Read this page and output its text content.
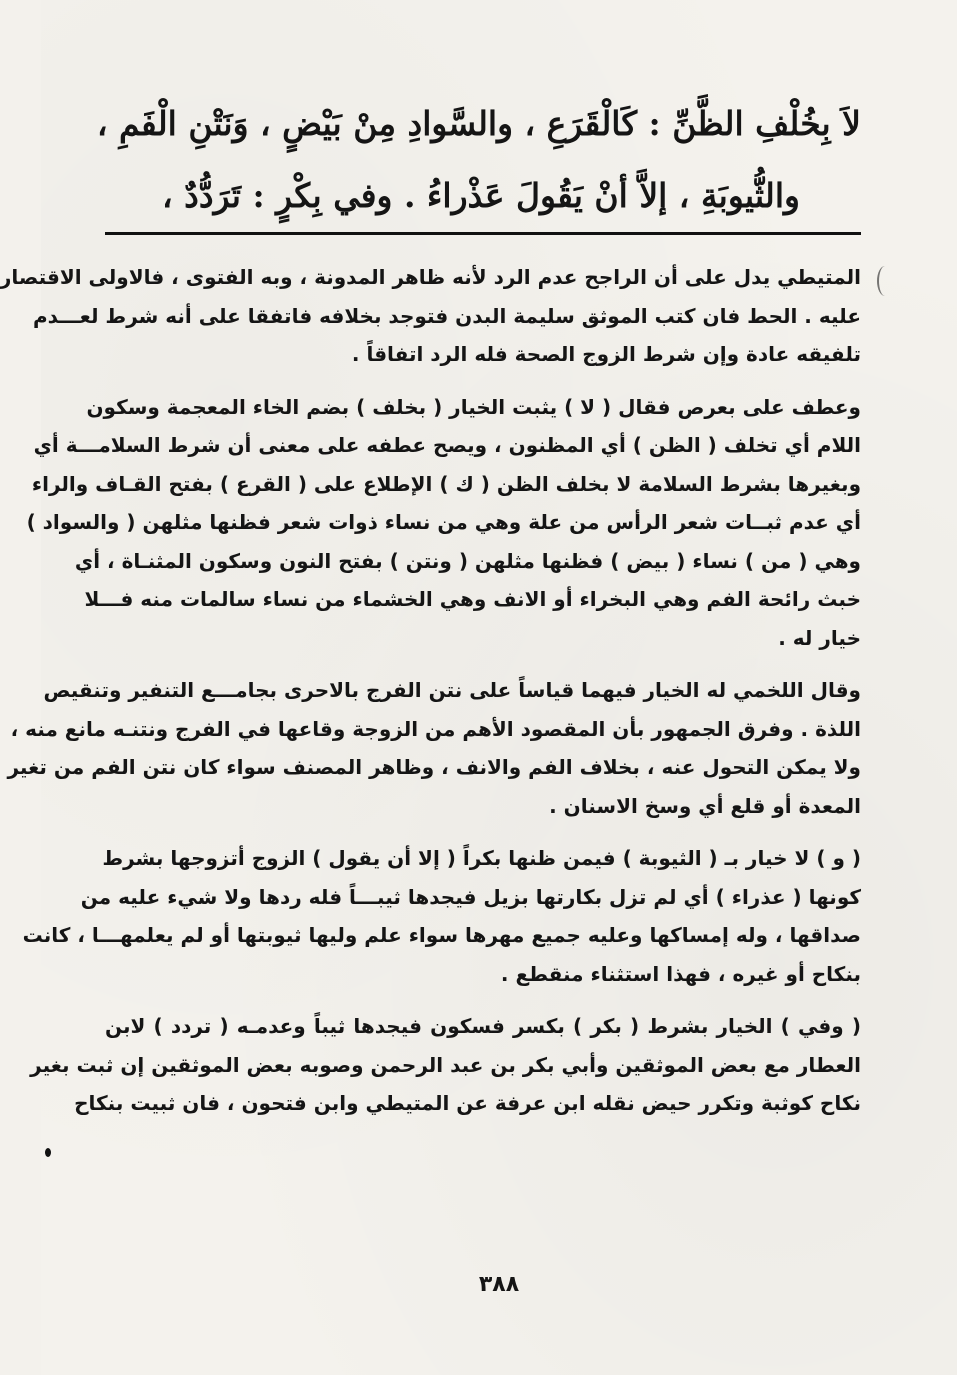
لاَ بِخُلْفِ الظَّنِّ : كَالْقَرَعِ ، والسَّوادِ مِنْ بَيْضٍ ، وَنَتْنِ الْفَمِ ،
والثُّيوبَةِ ، إلاَّ أنْ يَقُولَ عَذْراءُ . وفي بِكْرٍ : تَرَدُّدٌ ،
المتيطي يدل على أن الراجح عدم الرد لأنه ظاهر المدونة ، وبه الفتوى ، فالاولى الاقتصار
عليه . الحط فان كتب الموثق سليمة البدن فتوجد بخلافه فاتفقا على أنه شرط لعـــدم
تلفيقه عادة وإن شرط الزوج الصحة فله الرد اتفاقاً .
وعطف على بعرص فقال ( لا ) يثبت الخيار ( بخلف ) بضم الخاء المعجمة وسكون
اللام أي تخلف ( الظن ) أي المظنون ، ويصح عطفه على معنى أن شرط السلامـــة أي
وبغيرها بشرط السلامة لا بخلف الظن ( ك ) الإطلاع على ( القرع ) بفتح القـاف والراء
أي عدم ثبــات شعر الرأس من علة وهي من نساء ذوات شعر فظنها مثلهن ( والسواد )
وهي ( من ) نساء ( بيض ) فظنها مثلهن ( ونتن ) بفتح النون وسكون المثنـاة ، أي
خبث رائحة الفم وهي البخراء أو الانف وهي الخشماء من نساء سالمات منه فـــلا
خيار له .
وقال اللخمي له الخيار فيهما قياساً على نتن الفرج بالاحرى بجامـــع التنفير وتنقيص
اللذة . وفرق الجمهور بأن المقصود الأهم من الزوجة وقاعها في الفرج ونتنـه مانع منه ،
ولا يمكن التحول عنه ، بخلاف الفم والانف ، وظاهر المصنف سواء كان نتن الفم من تغير
المعدة أو قلع أي وسخ الاسنان .
( و ) لا خيار بـ ( الثيوبة ) فيمن ظنها بكراً ( إلا أن يقول ) الزوج أتزوجها بشرط
كونها ( عذراء ) أي لم تزل بكارتها بزيل فيجدها ثيبـــاً فله ردها ولا شيء عليه من
صداقها ، وله إمساكها وعليه جميع مهرها سواء علم وليها ثيوبتها أو لم يعلمهـــا ، كانت
بنكاح أو غيره ، فهذا استثناء منقطع .
( وفي ) الخيار بشرط ( بكر ) بكسر فسكون فيجدها ثيباً وعدمـه ( تردد ) لابن
العطار مع بعض الموثقين وأبي بكر بن عبد الرحمن وصوبه بعض الموثقين إن ثبت بغير
نكاح كوثبة وتكرر حيض نقله ابن عرفة عن المتيطي وابن فتحون ، فان ثبيت بنكاح
٣٨٨
